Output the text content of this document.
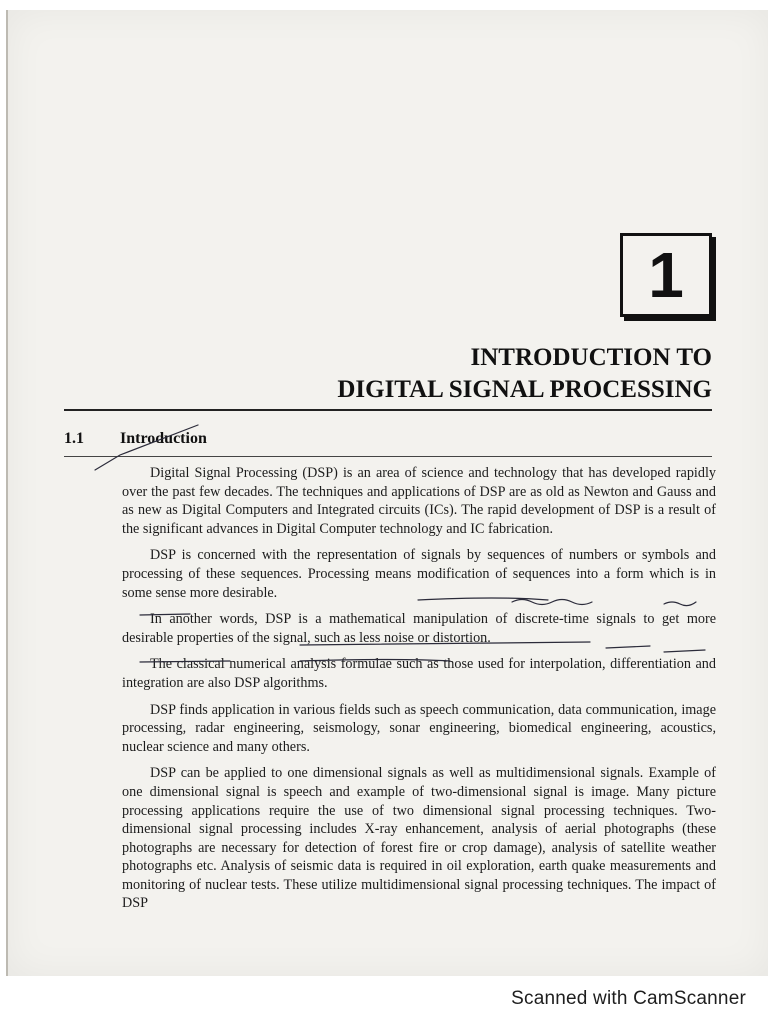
1
INTRODUCTION TO
DIGITAL SIGNAL PROCESSING
1.1 Introduction

Digital Signal Processing (DSP) is an area of science and technology that has developed rapidly over the past few decades. The techniques and applications of DSP are as old as Newton and Gauss and as new as Digital Computers and Integrated circuits (ICs). The rapid development of DSP is a result of the significant advances in Digital Computer technology and IC fabrication.

DSP is concerned with the representation of signals by sequences of numbers or symbols and processing of these sequences. Processing means modification of sequences into a form which is in some sense more desirable.

In another words, DSP is a mathematical manipulation of discrete-time signals to get more desirable properties of the signal, such as less noise or distortion.

The classical numerical analysis formulae such as those used for interpolation, differentiation and integration are also DSP algorithms.

DSP finds application in various fields such as speech communication, data communication, image processing, radar engineering, seismology, sonar engineering, biomedical engineering, acoustics, nuclear science and many others.

DSP can be applied to one dimensional signals as well as multidimensional signals. Example of one dimensional signal is speech and example of two-dimensional signal is image. Many picture processing applications require the use of two dimensional signal processing techniques. Two-dimensional signal processing includes X-ray enhancement, analysis of aerial photographs (these photographs are necessary for detection of forest fire or crop damage), analysis of satellite weather photographs etc. Analysis of seismic data is required in oil exploration, earth quake measurements and monitoring of nuclear tests. These utilize multidimensional signal processing techniques. The impact of DSP

Scanned with CamScanner
